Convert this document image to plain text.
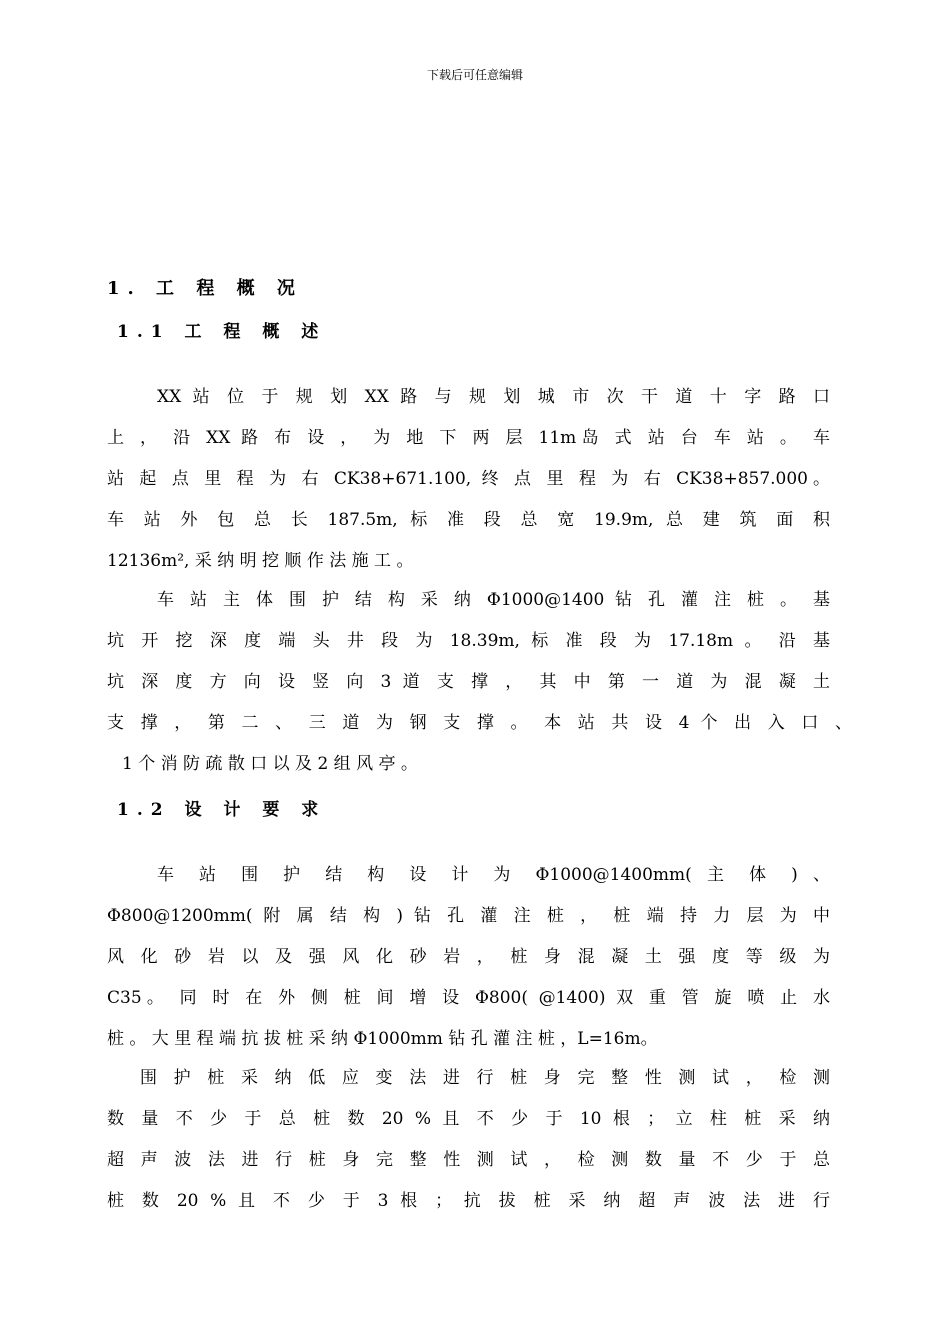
下载后可任意编辑
1. 工 程 概 况
1.1 工 程 概 述
XX 站 位 于 规 划 XX 路 与 规 划 城 市 次 干 道 十 字 路 口
上 ， 沿 XX 路 布 设 ， 为 地 下 两 层 11m岛 式 站 台 车 站 。 车
站 起 点 里 程 为 右 CK38+671.100, 终 点 里 程 为 右 CK38+857.000。
车 站 外 包 总 长 187.5m, 标 准 段 总 宽 19.9m, 总 建 筑 面 积
12136m², 采 纳 明 挖 顺 作 法 施 工 。
车 站 主 体 围 护 结 构 采 纳 Φ1000@1400 钻 孔 灌 注 桩 。 基
坑 开 挖 深 度 端 头 井 段 为 18.39m, 标 准 段 为 17.18m 。 沿 基
坑 深 度 方 向 设 竖 向 3 道 支 撑 ， 其 中 第 一 道 为 混 凝 土
支 撑 ， 第 二 、 三 道 为 钢 支 撑 。 本 站 共 设 4 个 出 入 口 、
1 个 消 防 疏 散 口 以 及 2 组 风 亭 。
1.2 设 计 要 求
车 站 围 护 结 构 设 计 为 Φ1000@1400mm( 主 体 ) 、
Φ800@1200mm( 附 属 结 构 ) 钻 孔 灌 注 桩 ， 桩 端 持 力 层 为 中
风 化 砂 岩 以 及 强 风 化 砂 岩 ， 桩 身 混 凝 土 强 度 等 级 为
C35。 同 时 在 外 侧 桩 间 增 设 Φ800( @1400) 双 重 管 旋 喷 止 水
桩 。 大 里 程 端 抗 拔 桩 采 纳 Φ1000mm 钻 孔 灌 注 桩 ，L=16m。
围 护 桩 采 纳 低 应 变 法 进 行 桩 身 完 整 性 测 试 ， 检 测
数 量 不 少 于 总 桩 数 20 % 且 不 少 于 10 根 ； 立 柱 桩 采 纳
超 声 波 法 进 行 桩 身 完 整 性 测 试 ， 检 测 数 量 不 少 于 总
桩 数 20 % 且 不 少 于 3 根 ； 抗 拔 桩 采 纳 超 声 波 法 进 行
